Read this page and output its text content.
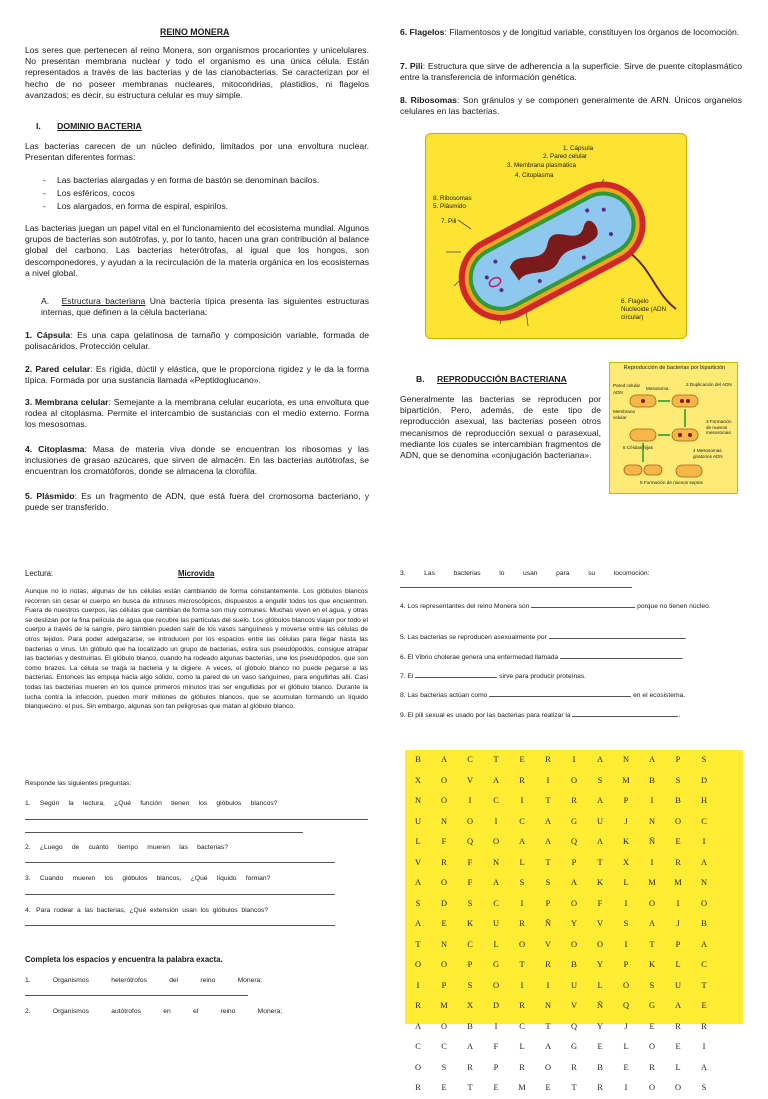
REINO MONERA
Los seres que pertenecen al reino Monera, son organismos procariontes y unicelulares. No presentan membrana nuclear y todo el organismo es una única célula. Están representados a través de las bacterias y de las cianobacterias. Se caracterizan por el hecho de no poseer membranas nucleares, mitocondrias, plastidios, ni flagelos avanzados; es decir, su estructura celular es muy simple.
I. DOMINIO BACTERIA
Las bacterias carecen de un núcleo definido, limitados por una envoltura nuclear. Presentan diferentes formas:
- Las bacterias alargadas y en forma de bastón se denominan bacilos.
- Los esféricos, cocos
- Los alargados, en forma de espiral, espirilos.
Las bacterias juegan un papel vital en el funcionamiento del ecosistema mundial. Algunos grupos de bacterias son autótrofas, y, por lo tanto, hacen una gran contribución al balance global del carbono. Las bacterias heterótrofas, al igual que los hongos, son descomponedores, y ayudan a la recirculación de la materia orgánica en los ecosistemas a nivel global.
A. Estructura bacteriana Una bacteria típica presenta las siguientes estructuras internas, que definen a la célula bacteriana:
1. Cápsula: Es una capa gelatinosa de tamaño y composición variable, formada de polisacáridos. Protección celular.
2. Pared celular: Es rígida, dúctil y elástica, que le proporciona rigidez y le da la forma típica. Formada por una sustancia llamada «Peptidoglucano».
3. Membrana celular: Semejante a la membrana celular eucariota, es una envoltura que rodea al citoplasma. Permite el intercambio de sustancias con el medio externo. Forma los mesosomas.
4. Citoplasma: Masa de materia viva donde se encuentran los ribosomas y las inclusiones de grasao azúcares, que sirven de almacén. En las bacterias autótrofas, se encuentran los cromatóforos, donde se almacena la clorofila.
5. Plásmido: Es un fragmento de ADN, que está fuera del cromosoma bacteriano, y puede ser transferido.
6. Flagelos: Filamentosos y de longitud variable, constituyen los órganos de locomoción.
7. Pili: Estructura que sirve de adherencia a la superficie. Sirve de puente citoplasmático entre la transferencia de información genética.
8. Ribosomas: Son gránulos y se componen generalmente de ARN. Únicos organelos celulares en las bacterias.
1. Cápsula
2. Pared celular
3. Membrana plasmática
4. Citoplasma
8. Ribosomas
5. Plásmido
7. Pili
6. Flagelo
Nucleoide (ADN
circular)
B. REPRODUCCIÓN BACTERIANA
Generalmente las bacterias se reproducen por bipartición. Pero, además, de este tipo de reproducción asexual, las bacterias poseen otros mecanismos de reproducción sexual o parasexual, mediante los cuales se intercambian fragmentos de ADN, que se denomina «conjugación bacteriana».
Reproducción de bacterias por bipartición
Pared celular
ADN
Mesosoma
2 Duplicación del ADN
Membrana celular
3 Formación de nuevos mesosomas
5 Células hijas
4 Mesosomas giratorios ADN
5 Formación de nuevos septos
Lectura:	Microvida
Aunque no lo notas, algunas de tus células están cambiando de forma constantemente. Los glóbulos blancos recorren sin cesar el cuerpo en busca de intrusos microscópicos, dispuestos a engullir todos los que encuentren. Fuera de nuestros cuerpos, las células que cambian de forma son muy comunes. Muchas viven en el agua, y otras se deslizan por la fina película de agua que recubre las partículas del suelo. Los glóbulos blancos viajan por todo el cuerpo a través de la sangre, pero también pueden salir de los vasos sanguíneos y moverse entre las células de otros tejidos. Para poder adelgazarse, se introducen por los espacios entre las células para llegar hasta las bacterias o virus. Un glóbulo que ha localizado un grupo de bacterias, estira sus pseudópodos, consigue atrapar las bacterias y destruirlas. El glóbulo blanco, cuando ha rodeado algunas bacterias, une los pseudópodos, que son como brazos. La célula se traga la bacteria y la digiere. A veces, el glóbulo blanco no puede pegarse a las bacterias. Entonces las empuja hacia algo sólido, como la pared de un vaso sanguíneo, para engullirlas allí. Casi todas las bacterias mueren en los quince primeros minutos tras ser engullidas por el glóbulo blanco. Durante la lucha contra la infección, pueden morir millones de glóbulos blancos, que se acumulan formando un líquido blanquecino, el pus. Sin embargo, algunas son tan peligrosas que matan al glóbulo blanco.
Responde las siguientes preguntas:
1.     Según     la     lectura,     ¿Qué     función     tienen     los     glóbulos     blancos?
2.     ¿Luego     de     cuánto     tiempo     mueren     las     bacterias?
3.     Cuando     mueren     los     glóbulos     blancos,     ¿Qué     líquido     forman?
4.   Para  rodear  a  las  bacterias,  ¿Qué  extensión  usan  los  glóbulos  blancos?
Completa los espacios y encuentra la palabra exacta.
1.            Organismos            heterótrofos            del            reino            Monera:
2.            Organismos            autótrofos            en            el            reino            Monera:
3.          Las          bacterias          lo          usan          para          su          locomoción:
4. Los representantes del reino Monera son	porque no tienen núcleo.
5. Las bacterias se reproducen asexualmente por	.
6. El Vibrio cholerae genera una enfermedad llamada	.
7. El	sirve para producir proteínas.
8. Las bacterias actúan como	en el ecosistema.
9. El pili sexual es usado por las bacterias para realizar la	.
B	A	C	T	E	R	I	A	N	A	P	S
X	O	V	A	R	I	O	S	M	B	S	D
N	O	I	C	I	T	R	A	P	I	B	H
U	N	O	I	C	A	G	U	J	N	O	C
L	F	Q	O	A	A	Q	A	K	Ñ	E	I
V	R	F	N	L	T	P	T	X	I	R	A
A	O	F	A	S	S	A	K	L	M	M	N
S	D	S	C	I	P	O	F	I	O	I	O
A	E	K	U	R	Ñ	Y	V	S	A	J	B
T	N	C	L	O	V	O	O	I	T	P	A
O	O	P	G	T	R	B	Y	P	K	L	C
I	P	S	O	I	I	U	L	O	S	U	T
R	M	X	D	R	N	V	Ñ	Q	G	A	E
A	O	B	I	C	T	Q	Y	J	E	R	R
C	C	A	F	L	A	G	E	L	O	E	I
O	S	R	P	R	O	R	B	E	R	L	A
R	E	T	E	M	E	T	R	I	O	O	S
